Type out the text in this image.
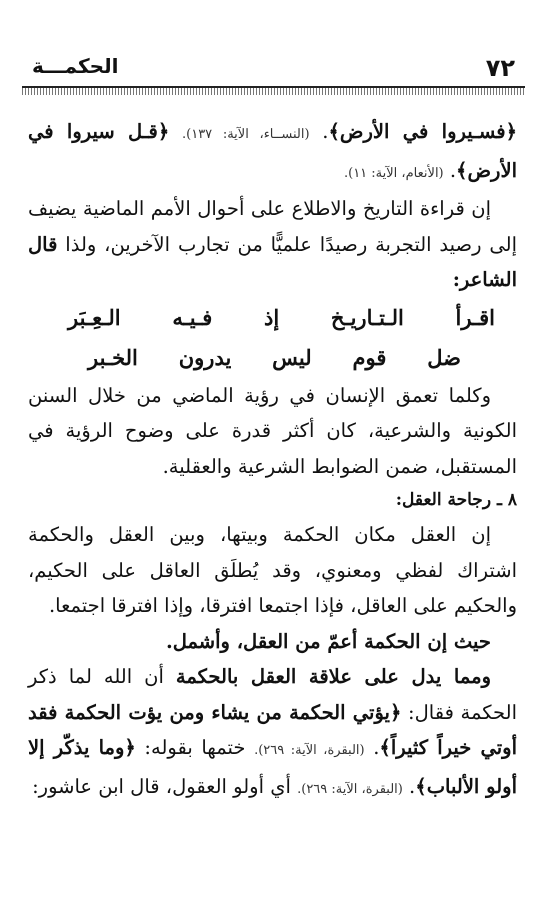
٧٢
الحكمـــة

﴿فسـيروا في الأرض﴾. (النســاء، الآية: ١٣٧). ﴿قـل سيروا في الأرض﴾. (الأنعام، الآية: ١١).

إن قراءة التاريخ والاطلاع على أحوال الأمم الماضية يضيف إلى رصيد التجربة رصيدًا علميًّا من تجارب الآخرين، ولذا قال الشاعر:

اقـرأ
الـتـاريـخ
إذ
فـيـه
الـعِـبَر
ضل
قوم
ليس
يدرون
الخـبر

وكلما تعمق الإنسان في رؤية الماضي من خلال السنن الكونية والشرعية، كان أكثر قدرة على وضوح الرؤية في المستقبل، ضمن الضوابط الشرعية والعقلية.

٨ ـ رجاحة العقل:

إن العقل مكان الحكمة وبيتها، وبين العقل والحكمة اشتراك لفظي ومعنوي، وقد يُطلَق العاقل على الحكيم، والحكيم على العاقل، فإذا اجتمعا افترقا، وإذا افترقا اجتمعا.

حيث إن الحكمة أعمّ من العقل، وأشمل.

ومما يدل على علاقة العقل بالحكمة أن الله لما ذكر الحكمة فقال: ﴿يؤتي الحكمة من يشاء ومن يؤت الحكمة فقد أوتي خيراً كثيراً﴾. (البقرة، الآية: ٢٦٩). ختمها بقوله: ﴿وما يذكّر إلا أولو الألباب﴾. (البقرة، الآية: ٢٦٩). أي أولو العقول، قال ابن عاشور:
